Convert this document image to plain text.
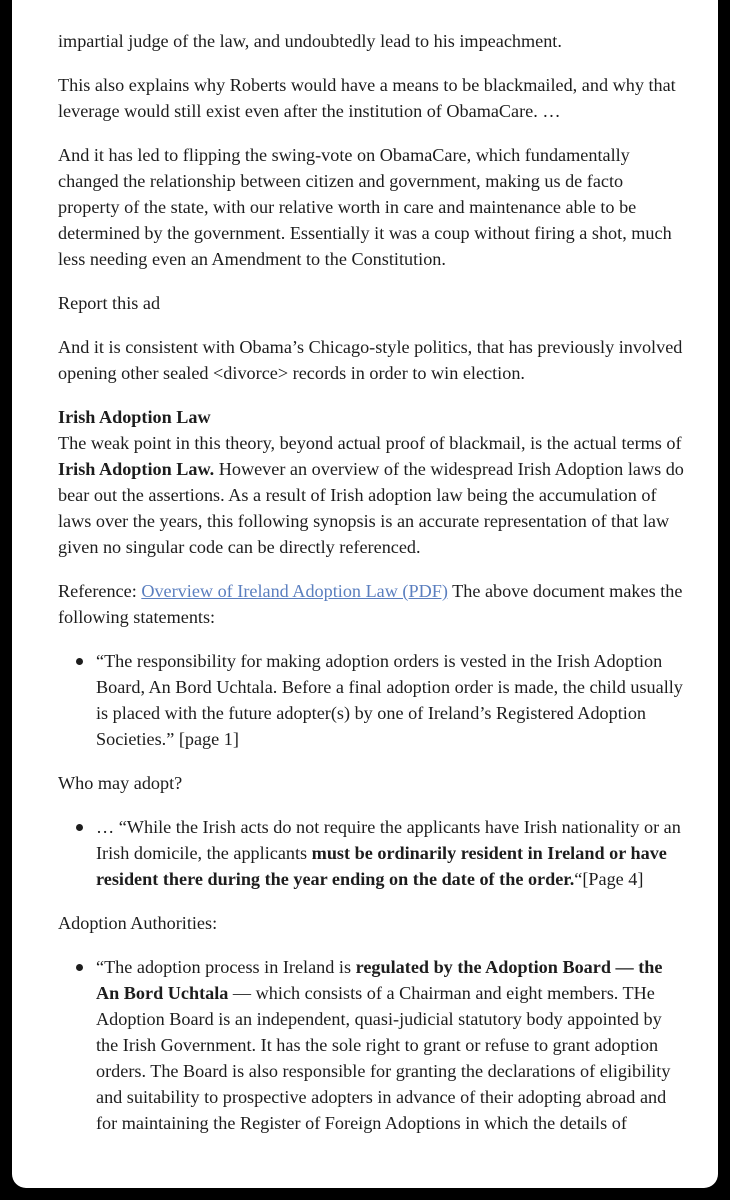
impartial judge of the law, and undoubtedly lead to his impeachment.

This also explains why Roberts would have a means to be blackmailed, and why that leverage would still exist even after the institution of ObamaCare. …

And it has led to flipping the swing-vote on ObamaCare, which fundamentally changed the relationship between citizen and government, making us de facto property of the state, with our relative worth in care and maintenance able to be determined by the government. Essentially it was a coup without firing a shot, much less needing even an Amendment to the Constitution.

Report this ad

And it is consistent with Obama’s Chicago-style politics, that has previously involved opening other sealed <divorce> records in order to win election.

Irish Adoption Law

The weak point in this theory, beyond actual proof of blackmail, is the actual terms of Irish Adoption Law. However an overview of the widespread Irish Adoption laws do bear out the assertions. As a result of Irish adoption law being the accumulation of laws over the years, this following synopsis is an accurate representation of that law given no singular code can be directly referenced.

Reference: Overview of Ireland Adoption Law (PDF) The above document makes the following statements:

“The responsibility for making adoption orders is vested in the Irish Adoption Board, An Bord Uchtala. Before a final adoption order is made, the child usually is placed with the future adopter(s) by one of Ireland’s Registered Adoption Societies.” [page 1]

Who may adopt?

… “While the Irish acts do not require the applicants have Irish nationality or an Irish domicile, the applicants must be ordinarily resident in Ireland or have resident there during the year ending on the date of the order.“[Page 4]

Adoption Authorities:

“The adoption process in Ireland is regulated by the Adoption Board — the An Bord Uchtala — which consists of a Chairman and eight members. THe Adoption Board is an independent, quasi-judicial statutory body appointed by the Irish Government. It has the sole right to grant or refuse to grant adoption orders. The Board is also responsible for granting the declarations of eligibility and suitability to prospective adopters in advance of their adopting abroad and for maintaining the Register of Foreign Adoptions in which the details of
